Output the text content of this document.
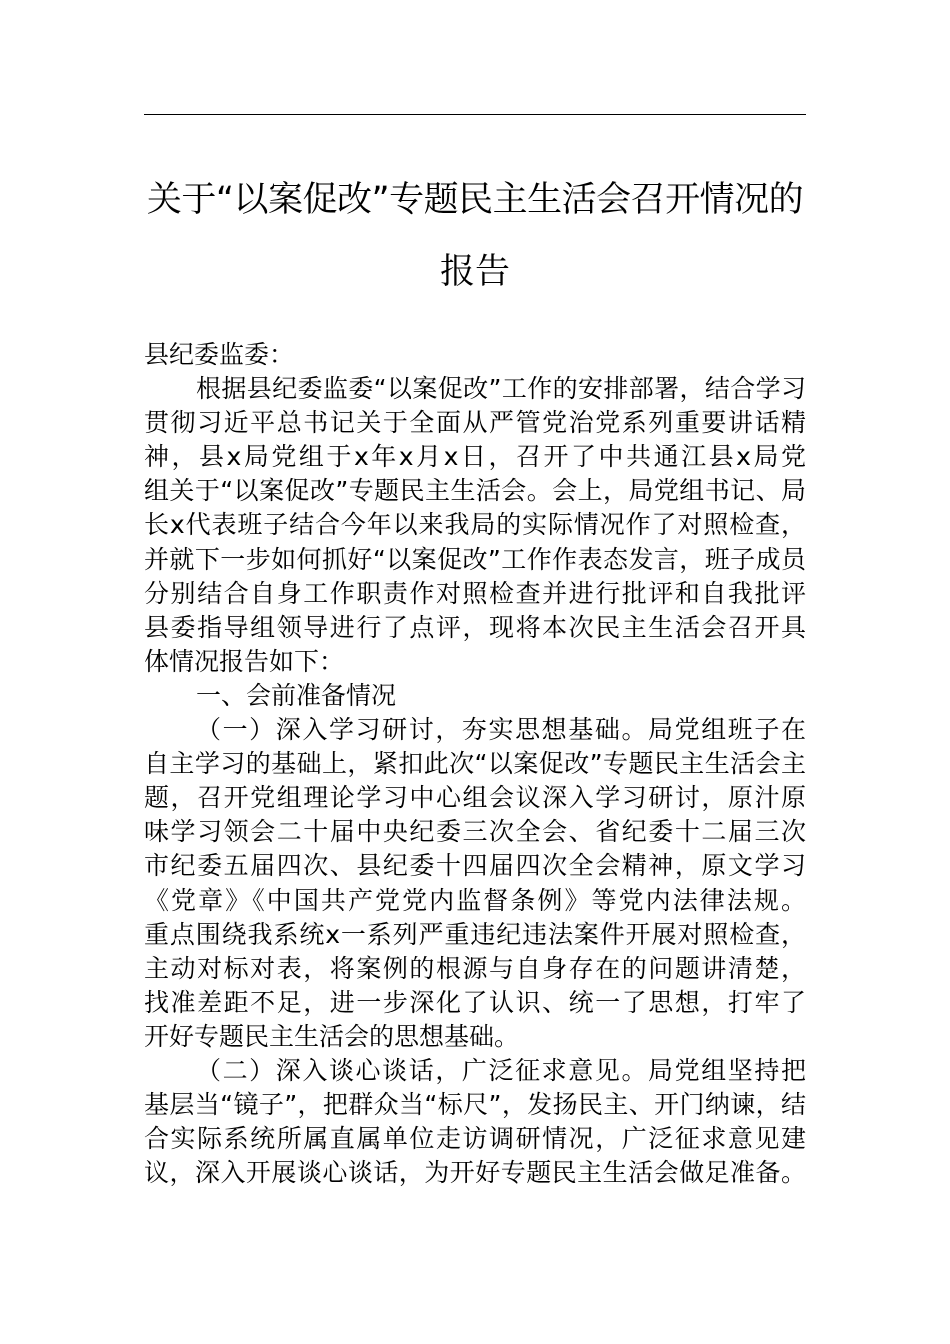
关于“以案促改”专题民主生活会召开情况的
报告
县纪委监委：
根据县纪委监委“以案促改”工作的安排部署，结合学习
贯彻习近平总书记关于全面从严管党治党系列重要讲话精
神，县x局党组于x年x月x日，召开了中共通江县x局党
组关于“以案促改”专题民主生活会。会上，局党组书记、局
长x代表班子结合今年以来我局的实际情况作了对照检查，
并就下一步如何抓好“以案促改”工作作表态发言，班子成员
分别结合自身工作职责作对照检查并进行批评和自我批评
县委指导组领导进行了点评，现将本次民主生活会召开具
体情况报告如下：
一、会前准备情况
（一）深入学习研讨，夯实思想基础。局党组班子在
自主学习的基础上，紧扣此次“以案促改”专题民主生活会主
题，召开党组理论学习中心组会议深入学习研讨，原汁原
味学习领会二十届中央纪委三次全会、省纪委十二届三次
市纪委五届四次、县纪委十四届四次全会精神，原文学习
《党章》《中国共产党党内监督条例》等党内法律法规。
重点围绕我系统x一系列严重违纪违法案件开展对照检查，
主动对标对表，将案例的根源与自身存在的问题讲清楚，
找准差距不足，进一步深化了认识、统一了思想，打牢了
开好专题民主生活会的思想基础。
（二）深入谈心谈话，广泛征求意见。局党组坚持把
基层当“镜子”，把群众当“标尺”，发扬民主、开门纳谏，结
合实际系统所属直属单位走访调研情况，广泛征求意见建
议，深入开展谈心谈话，为开好专题民主生活会做足准备。
